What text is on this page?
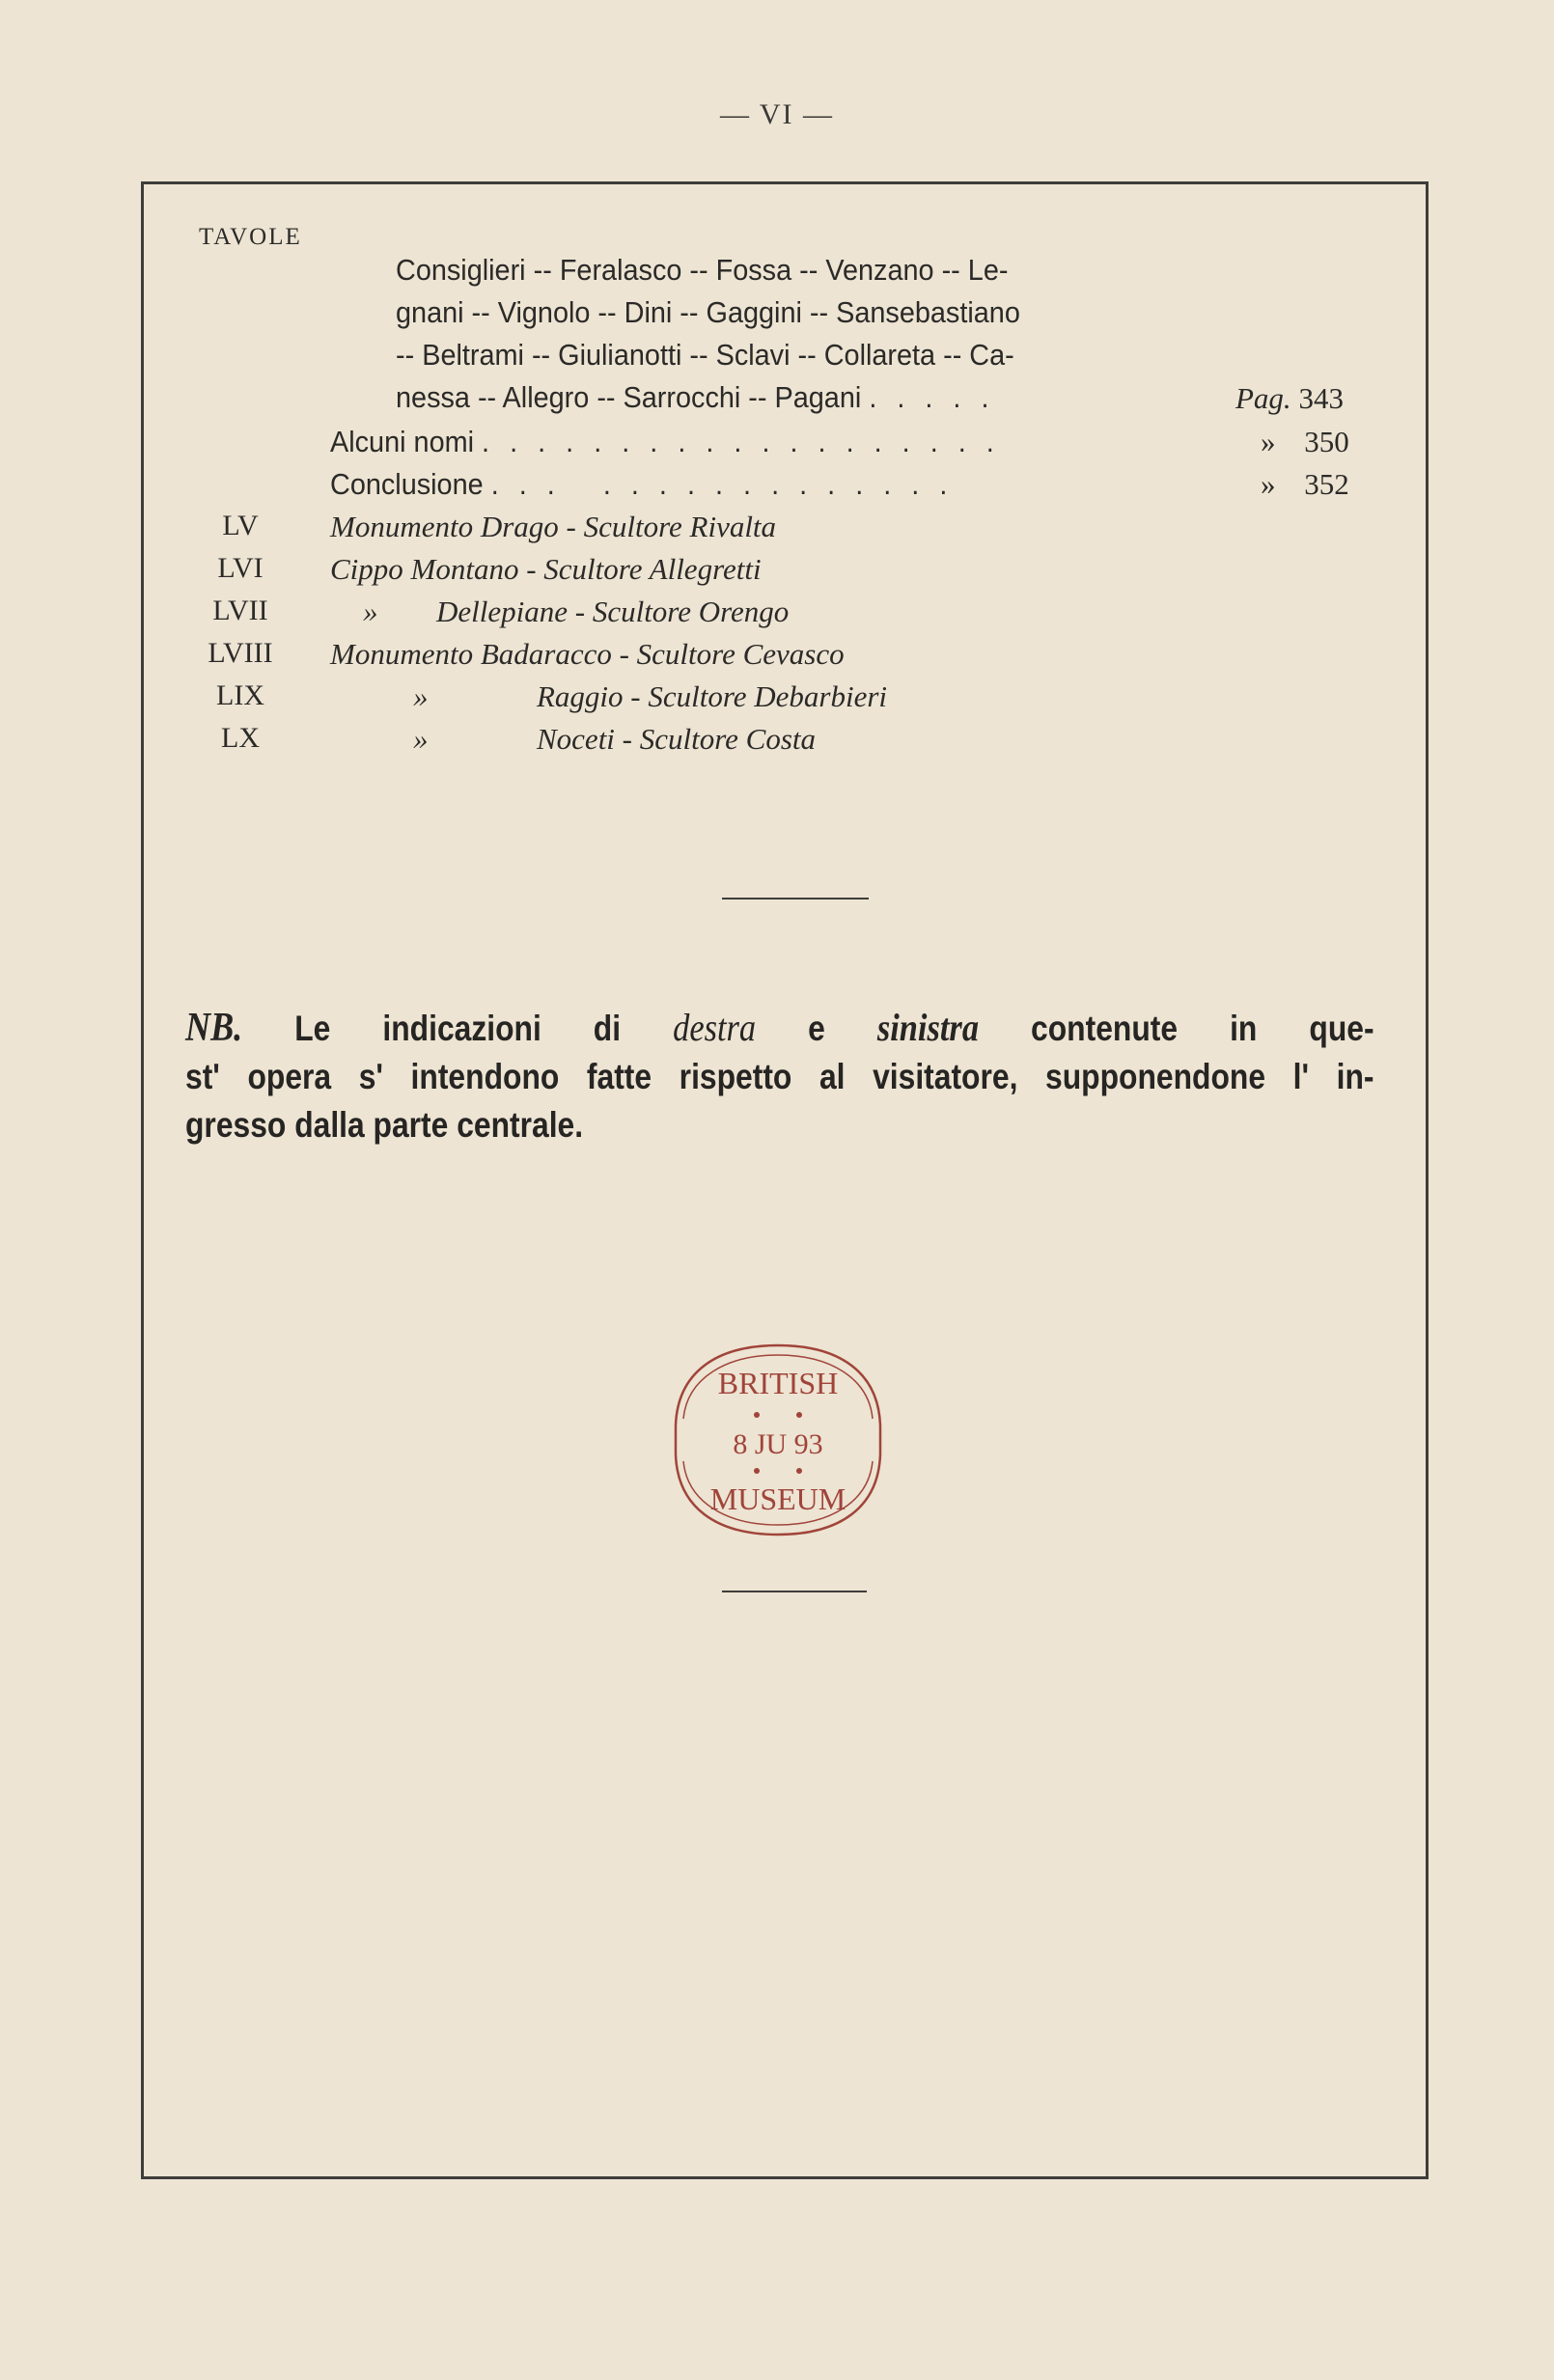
— VI —
TAVOLE
Consiglieri -- Feralasco -- Fossa -- Venzano -- Le-
gnani -- Vignolo -- Dini -- Gaggini -- Sansebastiano
-- Beltrami -- Giulianotti -- Sclavi -- Collareta -- Ca-
nessa -- Allegro -- Sarrocchi -- Pagani . . . . .	Pag. 343
Alcuni nomi . . . . . . . . . . . . . . . . . . .	» 350
Conclusione . . .   . . . . . . . . . . . . .	» 352
LV	Monumento Drago - Scultore Rivalta
LVI	Cippo Montano - Scultore Allegretti
LVII	» Dellepiane - Scultore Orengo
LVIII	Monumento Badaracco - Scultore Cevasco
LIX	»	Raggio - Scultore Debarbieri
LX	»	Noceti - Scultore Costa
NB. Le indicazioni di destra e sinistra contenute in que-
st' opera s' intendono fatte rispetto al visitatore, supponendone l' in-
gresso dalla parte centrale.
BRITISH
8 JU 93
MUSEUM
